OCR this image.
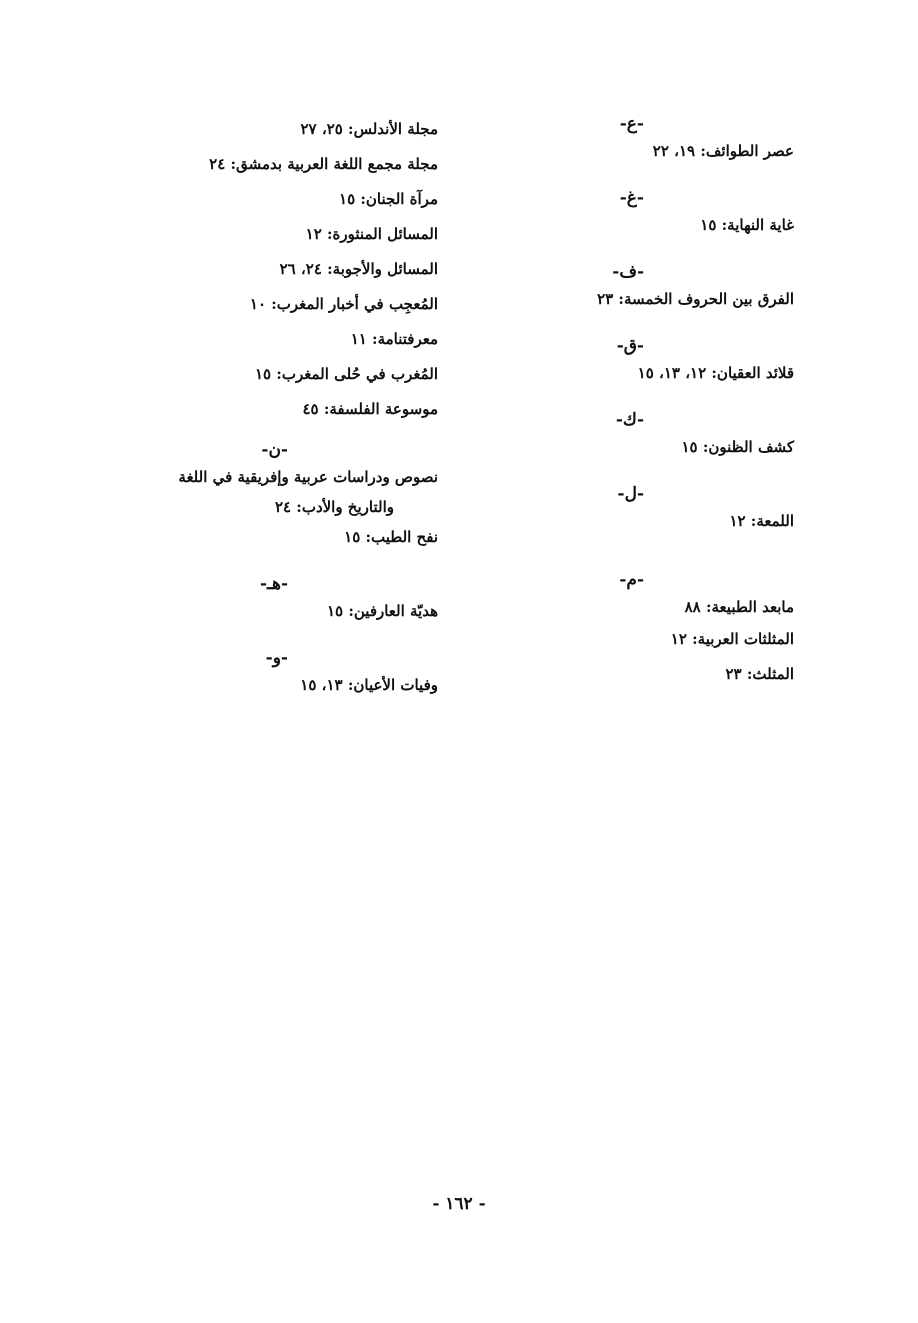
-ع-
عصر الطوائف: ١٩، ٢٢
-غ-
غاية النهاية: ١٥
-ف-
الفرق بين الحروف الخمسة: ٢٣
-ق-
قلائد العقيان: ١٢، ١٣، ١٥
-ك-
كشف الظنون: ١٥
-ل-
اللمعة: ١٢
-م-
مابعد الطبيعة: ٨٨
المثلثات العربية: ١٢
المثلث: ٢٣
مجلة الأندلس: ٢٥، ٢٧
مجلة مجمع اللغة العربية بدمشق: ٢٤
مرآة الجنان: ١٥
المسائل المنثورة: ١٢
المسائل والأجوبة: ٢٤، ٢٦
المُعجِب في أخبار المغرب: ١٠
معرفتنامة: ١١
المُغرب في حُلى المغرب: ١٥
موسوعة الفلسفة: ٤٥
-ن-
نصوص ودراسات عربية وإفريقية في اللغة
والتاريخ والأدب: ٢٤
نفح الطيب: ١٥
-هـ-
هديّة العارفين: ١٥
-و-
وفيات الأعيان: ١٣، ١٥
- ١٦٢ -
